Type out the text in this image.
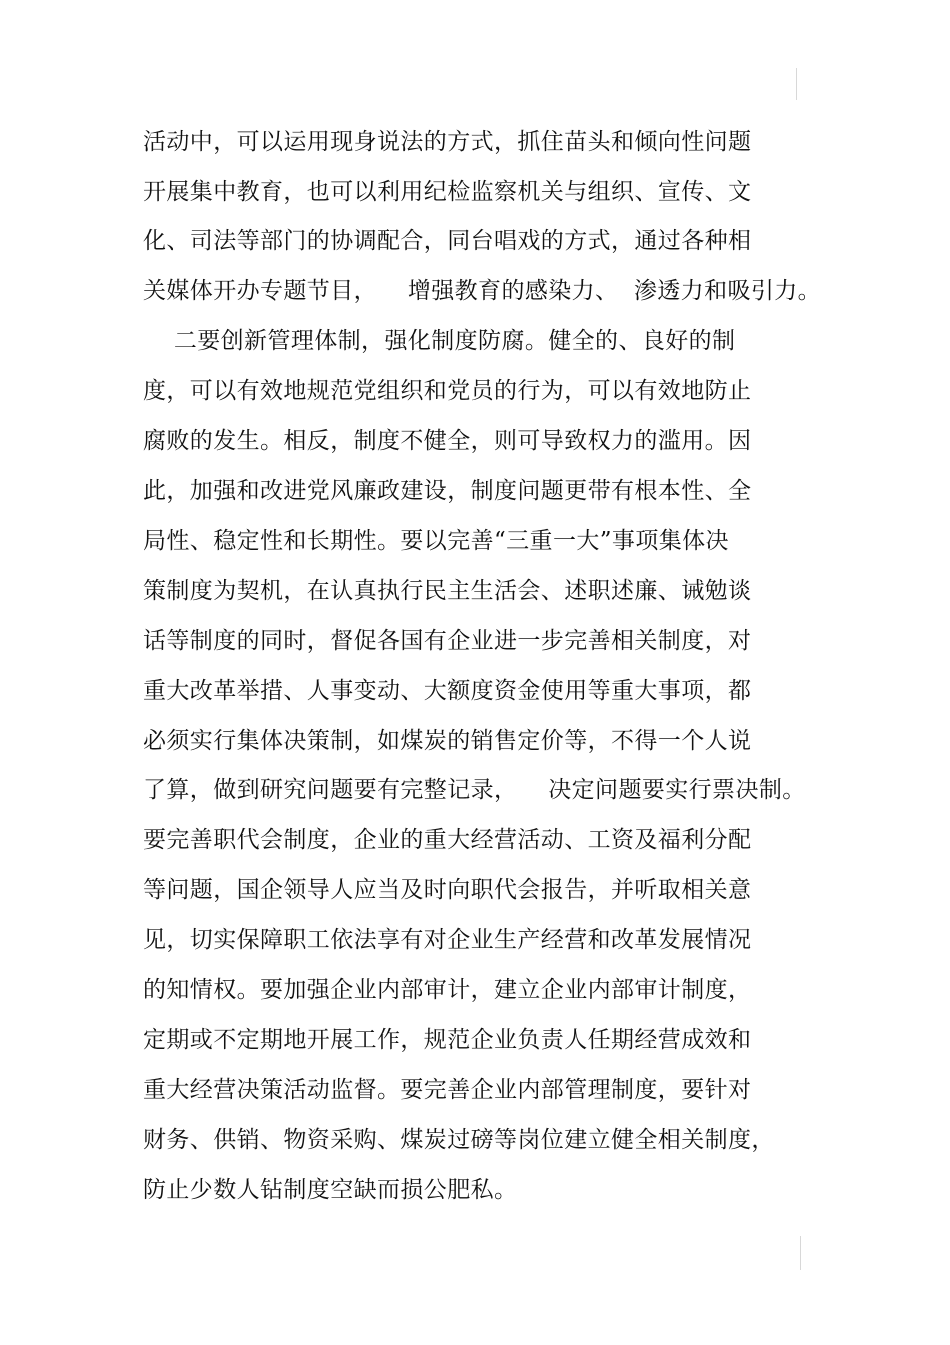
活动中，可以运用现身说法的方式，抓住苗头和倾向性问题
开展集中教育，也可以利用纪检监察机关与组织、宣传、文
化、司法等部门的协调配合，同台唱戏的方式，通过各种相
关媒体开办专题节目，    增强教育的感染力、  渗透力和吸引力。
二要创新管理体制，强化制度防腐。健全的、良好的制
度，可以有效地规范党组织和党员的行为，可以有效地防止
腐败的发生。相反，制度不健全，则可导致权力的滥用。因
此，加强和改进党风廉政建设，制度问题更带有根本性、全
局性、稳定性和长期性。要以完善“三重一大”事项集体决
策制度为契机，在认真执行民主生活会、述职述廉、诫勉谈
话等制度的同时，督促各国有企业进一步完善相关制度，对
重大改革举措、人事变动、大额度资金使用等重大事项，都
必须实行集体决策制，如煤炭的销售定价等，不得一个人说
了算，做到研究问题要有完整记录，    决定问题要实行票决制。
要完善职代会制度，企业的重大经营活动、工资及福利分配
等问题，国企领导人应当及时向职代会报告，并听取相关意
见，切实保障职工依法享有对企业生产经营和改革发展情况
的知情权。要加强企业内部审计，建立企业内部审计制度，
定期或不定期地开展工作，规范企业负责人任期经营成效和
重大经营决策活动监督。要完善企业内部管理制度，要针对
财务、供销、物资采购、煤炭过磅等岗位建立健全相关制度，
防止少数人钻制度空缺而损公肥私。
